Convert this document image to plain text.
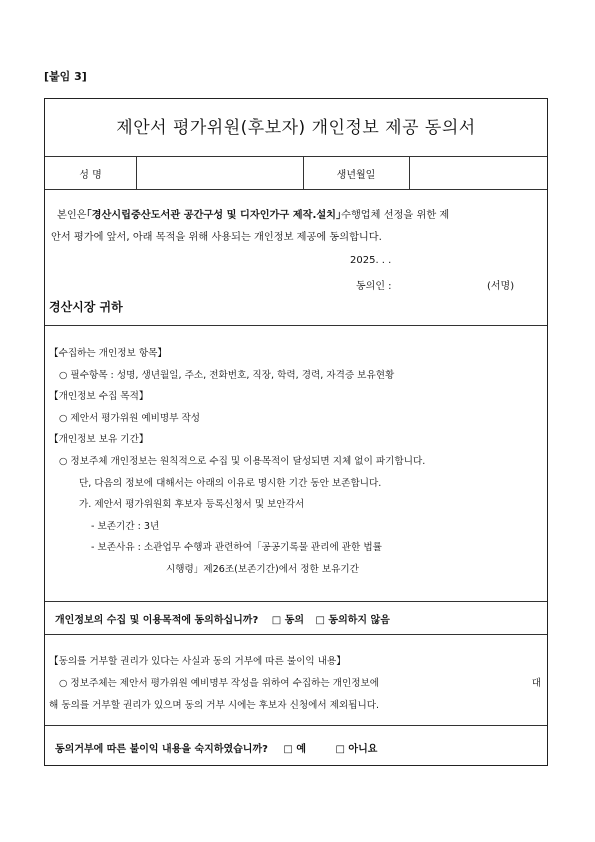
[붙임 3]
제안서 평가위원(후보자) 개인정보 제공 동의서
성 명	생년월일

본인은｢경산시립중산도서관 공간구성 및 디자인가구 제작.설치｣수행업체 선정을 위한 제

안서 평가에 앞서, 아래 목적을 위해 사용되는 개인정보 제공에 동의합니다.

2025. . .
동의인 :	(서명)
경산시장 귀하
【수집하는 개인정보 항목】
○ 필수항목 : 성명, 생년월일, 주소, 전화번호, 직장, 학력, 경력, 자격증 보유현황
【개인정보 수집 목적】
○ 제안서 평가위원 예비명부 작성
【개인정보 보유 기간】
○ 정보주체 개인정보는 원칙적으로 수집 및 이용목적이 달성되면 지체 없이 파기합니다.
단, 다음의 정보에 대해서는 아래의 이유로 명시한 기간 동안 보존합니다.
가. 제안서 평가위원회 후보자 등록신청서 및 보안각서
- 보존기간 : 3년
- 보존사유 : 소관업무 수행과 관련하여「공공기록물 관리에 관한 법률
시행령」제26조(보존기간)에서 정한 보유기간
개인정보의 수집 및 이용목적에 동의하십니까? □ 동의 □ 동의하지 않음
【동의를 거부할 권리가 있다는 사실과 동의 거부에 따른 불이익 내용】
○ 정보주체는 제안서 평가위원 예비명부 작성을 위하여 수집하는 개인정보에	대
해 동의를 거부할 권리가 있으며 동의 거부 시에는 후보자 신청에서 제외됩니다.
동의거부에 따른 불이익 내용을 숙지하였습니까? □ 예	□ 아니요
